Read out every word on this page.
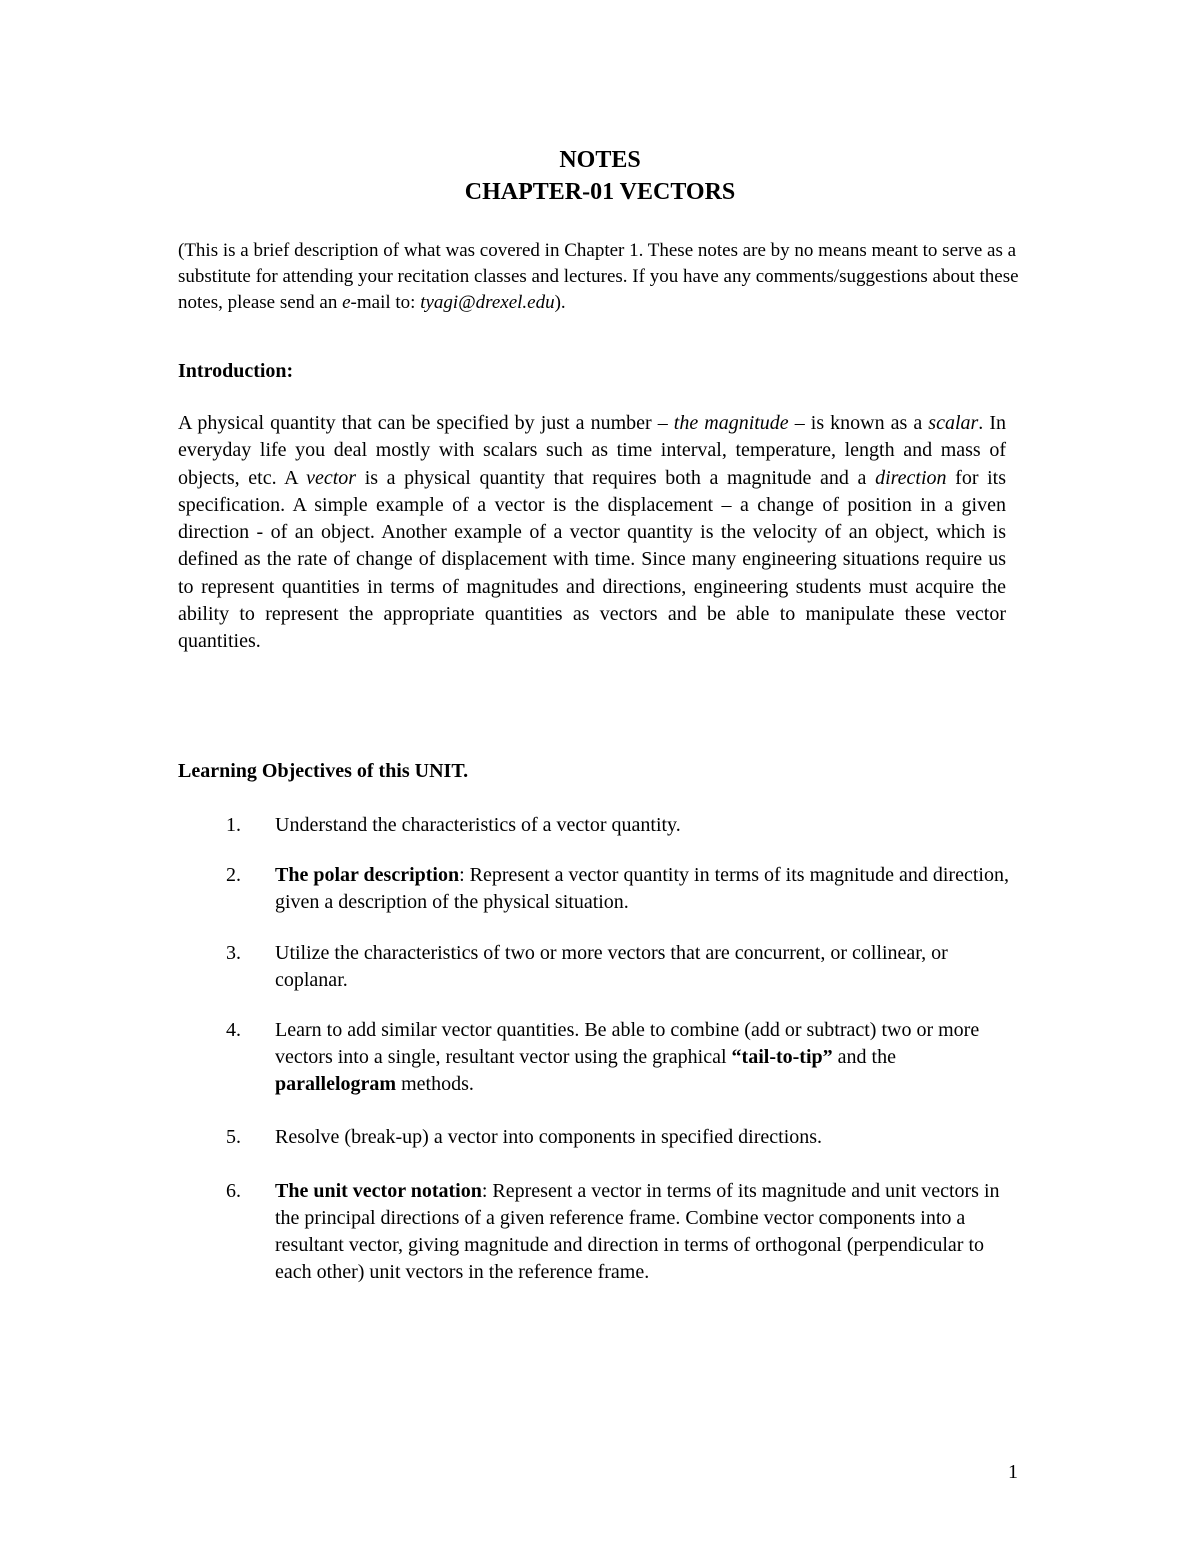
NOTES
CHAPTER-01 VECTORS
(This is a brief description of what was covered in Chapter 1. These notes are by no means meant to serve as a substitute for attending your recitation classes and lectures. If you have any comments/suggestions about these notes, please send an e-mail to: tyagi@drexel.edu).
Introduction:
A physical quantity that can be specified by just a number – the magnitude – is known as a scalar. In everyday life you deal mostly with scalars such as time interval, temperature, length and mass of objects, etc. A vector is a physical quantity that requires both a magnitude and a direction for its specification. A simple example of a vector is the displacement – a change of position in a given direction - of an object. Another example of a vector quantity is the velocity of an object, which is defined as the rate of change of displacement with time. Since many engineering situations require us to represent quantities in terms of magnitudes and directions, engineering students must acquire the ability to represent the appropriate quantities as vectors and be able to manipulate these vector quantities.
Learning Objectives of this UNIT.
1.	Understand the characteristics of a vector quantity.
2.	The polar description: Represent a vector quantity in terms of its magnitude and direction, given a description of the physical situation.
3.	Utilize the characteristics of two or more vectors that are concurrent, or collinear, or coplanar.
4.	Learn to add similar vector quantities. Be able to combine (add or subtract) two or more vectors into a single, resultant vector using the graphical “tail-to-tip” and the parallelogram methods.
5.	Resolve (break-up) a vector into components in specified directions.
6.	The unit vector notation: Represent a vector in terms of its magnitude and unit vectors in the principal directions of a given reference frame. Combine vector components into a resultant vector, giving magnitude and direction in terms of orthogonal (perpendicular to each other) unit vectors in the reference frame.
1
